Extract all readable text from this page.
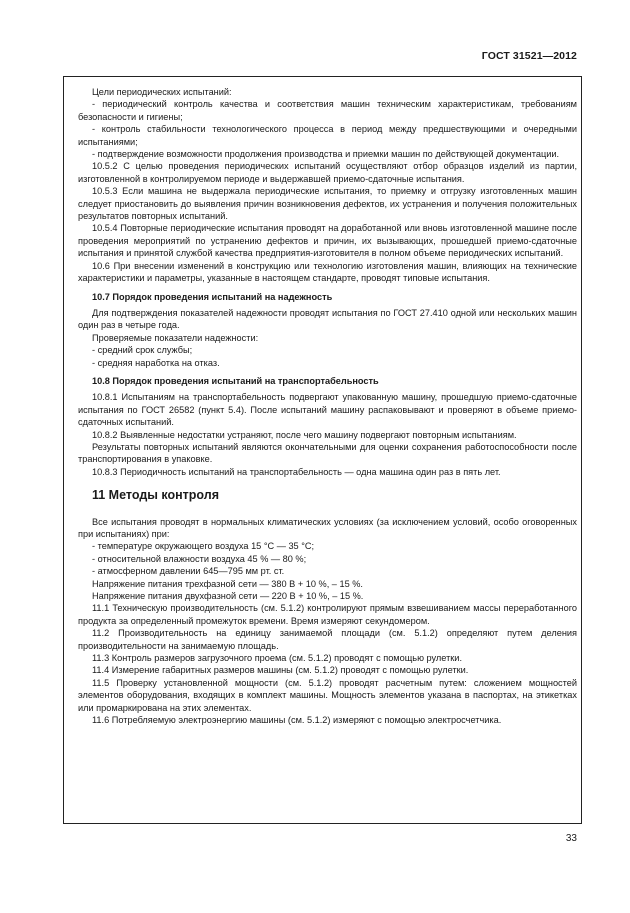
ГОСТ 31521—2012
Цели периодических испытаний:
- периодический контроль качества и соответствия машин техническим характеристикам, требованиям безопасности и гигиены;
- контроль стабильности технологического процесса в период между предшествующими и очередными испытаниями;
- подтверждение возможности продолжения производства и приемки машин по действующей документации.
10.5.2 С целью проведения периодических испытаний осуществляют отбор образцов изделий из партии, изготовленной в контролируемом периоде и выдержавшей приемо-сдаточные испытания.
10.5.3 Если машина не выдержала периодические испытания, то приемку и отгрузку изготовленных машин следует приостановить до выявления причин возникновения дефектов, их устранения и получения положительных результатов повторных испытаний.
10.5.4 Повторные периодические испытания проводят на доработанной или вновь изготовленной машине после проведения мероприятий по устранению дефектов и причин, их вызывающих, прошедшей приемо-сдаточные испытания и принятой службой качества предприятия-изготовителя в полном объеме периодических испытаний.
10.6 При внесении изменений в конструкцию или технологию изготовления машин, влияющих на технические характеристики и параметры, указанные в настоящем стандарте, проводят типовые испытания.
10.7 Порядок проведения испытаний на надежность
Для подтверждения показателей надежности проводят испытания по ГОСТ 27.410 одной или нескольких машин один раз в четыре года.
Проверяемые показатели надежности:
- средний срок службы;
- средняя наработка на отказ.
10.8 Порядок проведения испытаний на транспортабельность
10.8.1 Испытаниям на транспортабельность подвергают упакованную машину, прошедшую приемо-сдаточные испытания по ГОСТ 26582 (пункт 5.4). После испытаний машину распаковывают и проверяют в объеме приемо-сдаточных испытаний.
10.8.2 Выявленные недостатки устраняют, после чего машину подвергают повторным испытаниям.
Результаты повторных испытаний являются окончательными для оценки сохранения работоспособности после транспортирования в упаковке.
10.8.3 Периодичность испытаний на транспортабельность — одна машина один раз в пять лет.
11 Методы контроля
Все испытания проводят в нормальных климатических условиях (за исключением условий, особо оговоренных при испытаниях) при:
- температуре окружающего воздуха 15 °С — 35 °С;
- относительной влажности воздуха 45 % — 80 %;
- атмосферном давлении 645—795 мм рт. ст.
Напряжение питания трехфазной сети — 380 В + 10 %, – 15 %.
Напряжение питания двухфазной сети — 220 В + 10 %, – 15 %.
11.1 Техническую производительность (см. 5.1.2) контролируют прямым взвешиванием массы переработанного продукта за определенный промежуток времени. Время измеряют секундомером.
11.2 Производительность на единицу занимаемой площади (см. 5.1.2) определяют путем деления производительности на занимаемую площадь.
11.3 Контроль размеров загрузочного проема (см. 5.1.2) проводят с помощью рулетки.
11.4 Измерение габаритных размеров машины (см. 5.1.2) проводят с помощью рулетки.
11.5 Проверку установленной мощности (см. 5.1.2) проводят расчетным путем: сложением мощностей элементов оборудования, входящих в комплект машины. Мощность элементов указана в паспортах, на этикетках или промаркирована на этих элементах.
11.6 Потребляемую электроэнергию машины (см. 5.1.2) измеряют с помощью электросчетчика.
33
